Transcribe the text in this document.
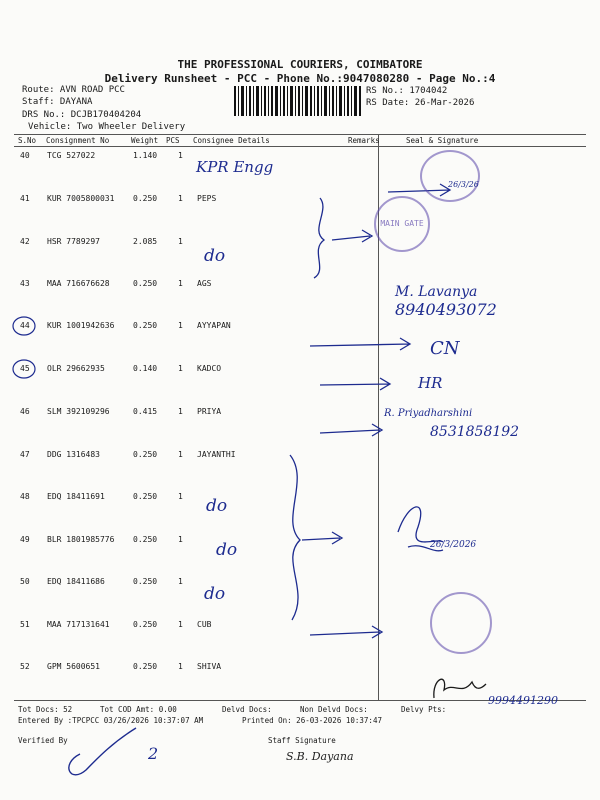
THE PROFESSIONAL COURIERS, COIMBATORE
Delivery Runsheet - PCC - Phone No.:9047080280 - Page No.:4
Route: AVN ROAD PCC
Staff: DAYANA
DRS No.: DCJB170404204
Vehicle: Two Wheeler Delivery
RS No.: 1704042
RS Date: 26-Mar-2026
S.No Consignment No	Weight PCS Consignee Details	Remarks	Seal & Signature
40 TCG 527022	1.140	1
KPR Engg
41 KUR 7005800031 0.250	1 PEPS
42 HSR 7789297	2.085	1
do
43 MAA 716676628	0.250	1 AGS
44 KUR 1001942636 0.250	1 AYYAPAN
45 OLR 29662935	0.140	1 KADCO
46 SLM 392109296	0.415	1 PRIYA
47 DDG 1316483	0.250	1 JAYANTHI
48 EDQ 18411691	0.250	1 do
49 BLR 1801985776 0.250	1
do
50 EDQ 18411686	0.250	1
do
51 MAA 717131641	0.250	1 CUB
52 GPM 5600651	0.250	1 SHIVA
MAIN GATE
26/3/26
M. Lavanya
8940493072
CN
HR
R. Priyadharshini
8531858192
26/3/2026
9994491290
Tot Docs: 52	Tot COD Amt: 0.00	Delvd Docs:	Non Delvd Docs:	Delvy Pts:
Entered By :TPCPCC 03/26/2026 10:37:07 AM	Printed On: 26-03-2026 10:37:47
Verified By	Staff Signature
2	S.B. Dayana
